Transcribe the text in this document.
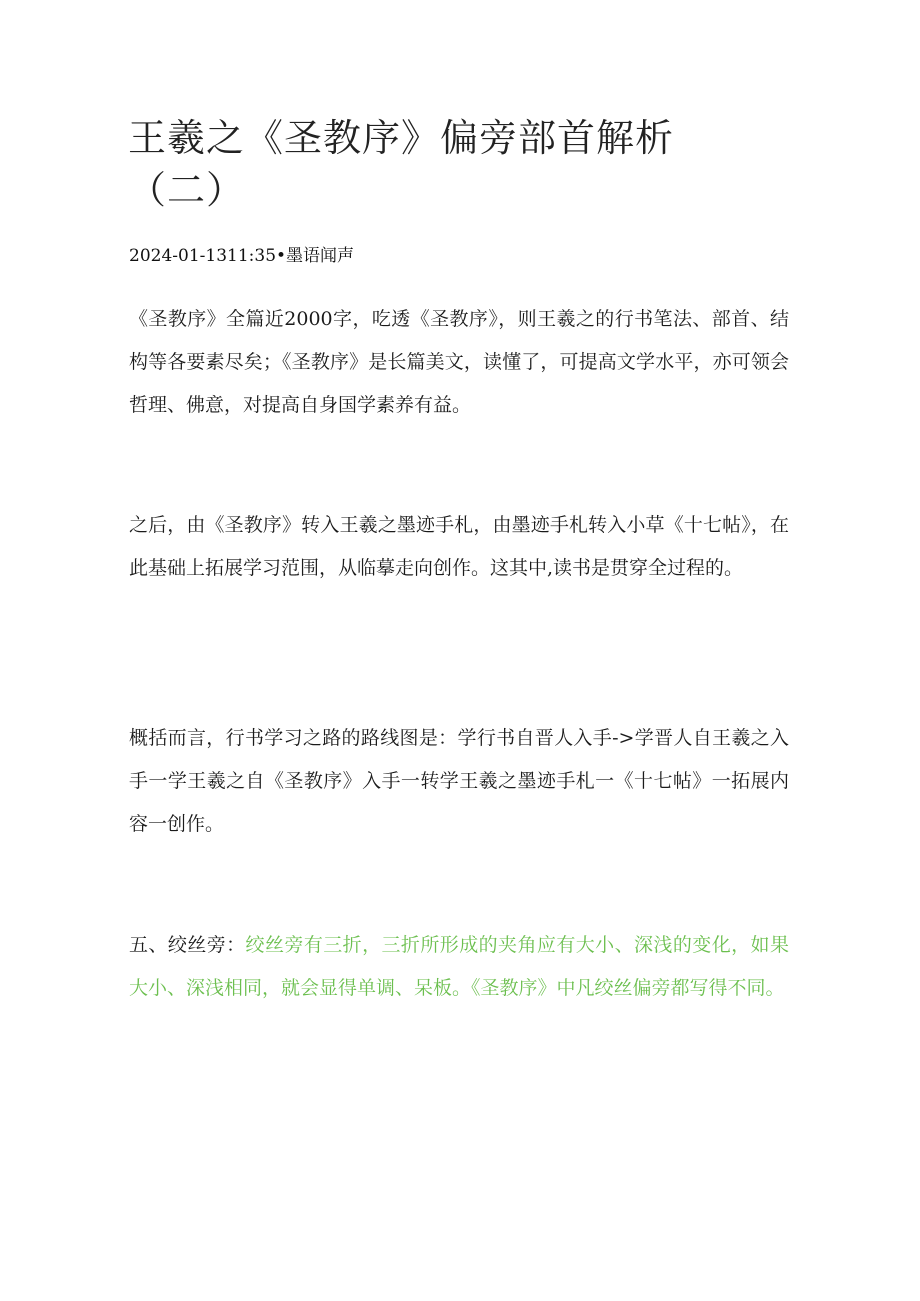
王羲之《圣教序》偏旁部首解析（二）
2024-01-1311:35•墨语闻声

《圣教序》全篇近2000字，吃透《圣教序》，则王羲之的行书笔法、部首、结构等各要素尽矣；《圣教序》是长篇美文，读懂了，可提高文学水平，亦可领会哲理、佛意，对提高自身国学素养有益。

之后，由《圣教序》转入王羲之墨迹手札，由墨迹手札转入小草《十七帖》，在此基础上拓展学习范围，从临摹走向创作。这其中,读书是贯穿全过程的。

概括而言，行书学习之路的路线图是：学行书自晋人入手->学晋人自王羲之入手一学王羲之自《圣教序》入手一转学王羲之墨迹手札一《十七帖》一拓展内容一创作。

五、绞丝旁：绞丝旁有三折，三折所形成的夹角应有大小、深浅的变化，如果大小、深浅相同，就会显得单调、呆板。《圣教序》中凡绞丝偏旁都写得不同。
